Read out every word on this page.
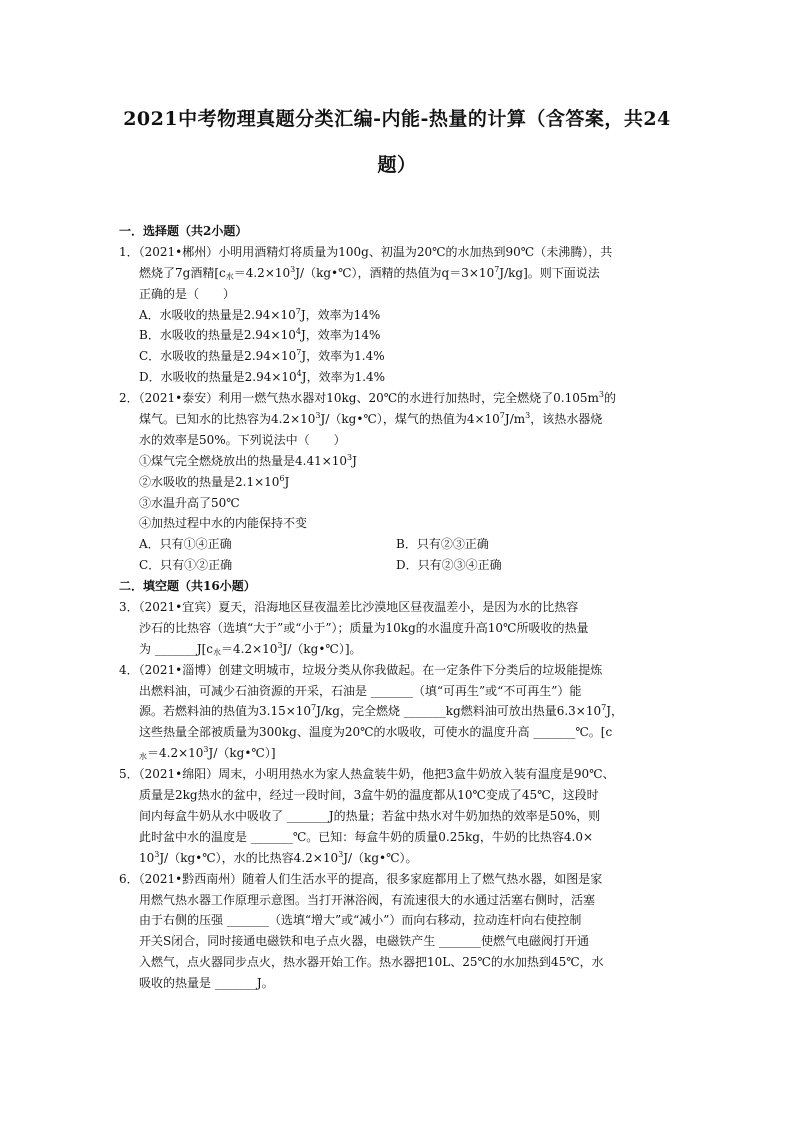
2021中考物理真题分类汇编-内能-热量的计算（含答案，共24
题）
一．选择题（共2小题）
1．（2021•郴州）小明用酒精灯将质量为100g、初温为20℃的水加热到90℃（未沸腾），共
燃烧了7g酒精[$c_水=4.2\times 10^3J/(kg•℃)$，酒精的热值为$q=3\times 10^7J/kg$]。则下面说法
正确的是（　　）
A．水吸收的热量是$2.94\times 10^7J$，效率为14%
B．水吸收的热量是$2.94\times 10^4J$，效率为14%
C．水吸收的热量是$2.94\times 10^7J$，效率为1.4%
D．水吸收的热量是$2.94\times 10^4J$，效率为1.4%
2．（2021•泰安）利用一燃气热水器对10kg、20℃的水进行加热时，完全燃烧了$0.105m^3$的
煤气。已知水的比热容为$4.2\times 10^3J/(kg•℃)$，煤气的热值为$4\times 10^7J/m^3$，该热水器烧
水的效率是50%。下列说法中（　　）
①煤气完全燃烧放出的热量是$4.41\times 10^3J$
②水吸收的热量是$2.1\times 10^6J$
③水温升高了50℃
④加热过程中水的内能保持不变
A．只有①④正确	B．只有②③正确
C．只有①②正确	D．只有②③④正确
二．填空题（共16小题）
3．（2021•宜宾）夏天，沿海地区昼夜温差比沙漠地区昼夜温差小，是因为水的比热容
沙石的比热容（选填“大于”或“小于”）；质量为10kg的水温度升高10℃所吸收的热量
为 $\_\_\_\_\_\_\_J[c_水=4.2\times 10^3J/(kg•℃)]$。
4．（2021•淄博）创建文明城市，垃圾分类从你我做起。在一定条件下分类后的垃圾能提炼
出燃料油，可减少石油资源的开采，石油是 _______（填“可再生”或“不可再生”）能
源。若燃料油的热值为$3.15\times 10^7J/kg$，完全燃烧 _______kg燃料油可放出热量$6.3\times 10^7J$，
这些热量全部被质量为300kg、温度为20℃的水吸收，可使水的温度升高 _______℃。[c
$_水=4.2\times 10^3J/(kg•℃)$]
5．（2021•绵阳）周末，小明用热水为家人热盒装牛奶，他把3盒牛奶放入装有温度是90℃、
质量是2kg热水的盆中，经过一段时间，3盒牛奶的温度都从10℃变成了45℃，这段时
间内每盒牛奶从水中吸收了 _______J的热量；若盆中热水对牛奶加热的效率是50%，则
此时盆中水的温度是 _______℃。已知：每盒牛奶的质量0.25kg，牛奶的比热容4.0×
$10^3J/(kg•℃)$，水的比热容$4.2\times 10^3J/(kg•℃)$。
6．（2021•黔西南州）随着人们生活水平的提高，很多家庭都用上了燃气热水器，如图是家
用燃气热水器工作原理示意图。当打开淋浴阀，有流速很大的水通过活塞右侧时，活塞
由于右侧的压强 _______（选填“增大”或“减小”）而向右移动，拉动连杆向右使控制
开关S闭合，同时接通电磁铁和电子点火器，电磁铁产生 _______使燃气电磁阀打开通
入燃气，点火器同步点火，热水器开始工作。热水器把10L、25℃的水加热到45℃，水
吸收的热量是 _______J。
